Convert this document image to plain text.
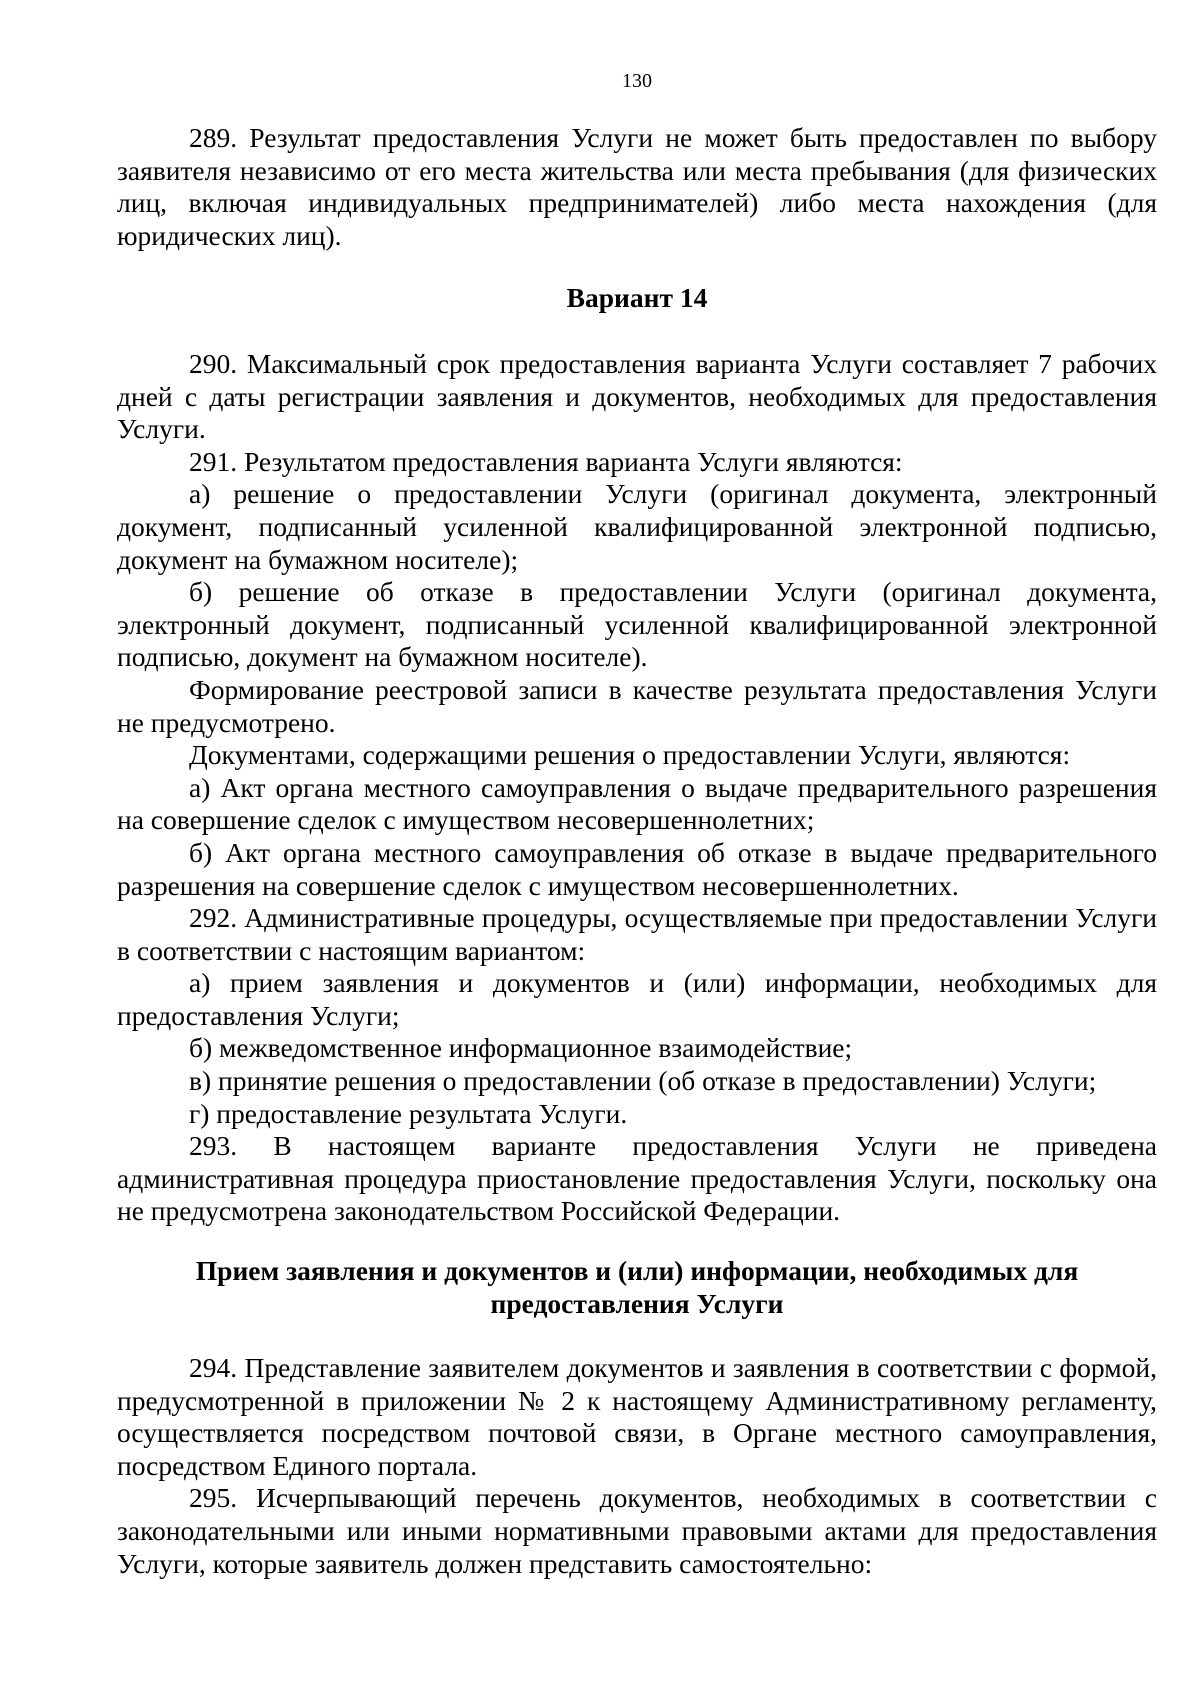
130

289. Результат предоставления Услуги не может быть предоставлен по выбору заявителя независимо от его места жительства или места пребывания (для физических лиц, включая индивидуальных предпринимателей) либо места нахождения (для юридических лиц).

Вариант 14

290. Максимальный срок предоставления варианта Услуги составляет 7 рабочих дней с даты регистрации заявления и документов, необходимых для предоставления Услуги.

291. Результатом предоставления варианта Услуги являются:

а) решение о предоставлении Услуги (оригинал документа, электронный документ, подписанный усиленной квалифицированной электронной подписью, документ на бумажном носителе);

б) решение об отказе в предоставлении Услуги (оригинал документа, электронный документ, подписанный усиленной квалифицированной электронной подписью, документ на бумажном носителе).

Формирование реестровой записи в качестве результата предоставления Услуги не предусмотрено.

Документами, содержащими решения о предоставлении Услуги, являются:

а) Акт органа местного самоуправления о выдаче предварительного разрешения на совершение сделок с имуществом несовершеннолетних;

б) Акт органа местного самоуправления об отказе в выдаче предварительного разрешения на совершение сделок с имуществом несовершеннолетних.

292. Административные процедуры, осуществляемые при предоставлении Услуги в соответствии с настоящим вариантом:

а) прием заявления и документов и (или) информации, необходимых для предоставления Услуги;

б) межведомственное информационное взаимодействие;

в) принятие решения о предоставлении (об отказе в предоставлении) Услуги;

г) предоставление результата Услуги.

293. В настоящем варианте предоставления Услуги не приведена административная процедура приостановление предоставления Услуги, поскольку она не предусмотрена законодательством Российской Федерации.

Прием заявления и документов и (или) информации, необходимых для

предоставления Услуги

294. Представление заявителем документов и заявления в соответствии с формой, предусмотренной в приложении № 2 к настоящему Административному регламенту, осуществляется посредством почтовой связи, в Органе местного самоуправления, посредством Единого портала.

295. Исчерпывающий перечень документов, необходимых в соответствии с законодательными или иными нормативными правовыми актами для предоставления Услуги, которые заявитель должен представить самостоятельно:
